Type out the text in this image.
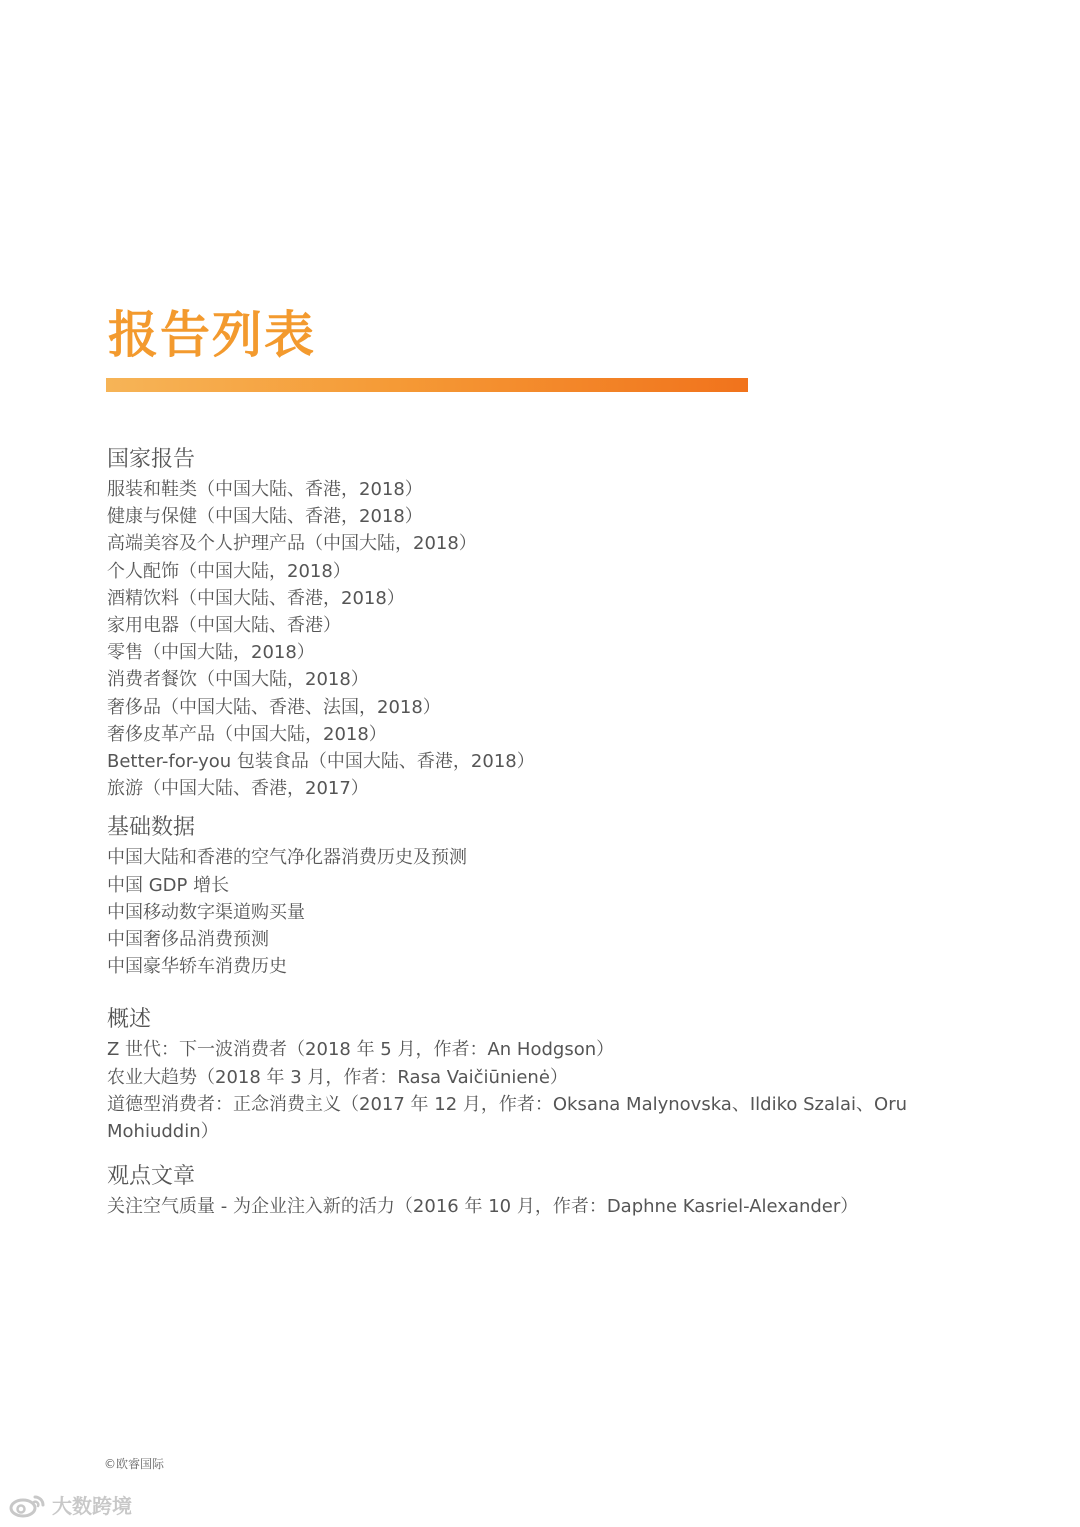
报告列表
国家报告
服装和鞋类（中国大陆、香港，2018）
健康与保健（中国大陆、香港，2018）
高端美容及个人护理产品（中国大陆，2018）
个人配饰（中国大陆，2018）
酒精饮料（中国大陆、香港，2018）
家用电器（中国大陆、香港）
零售（中国大陆，2018）
消费者餐饮（中国大陆，2018）
奢侈品（中国大陆、香港、法国，2018）
奢侈皮革产品（中国大陆，2018）
Better-for-you 包装食品（中国大陆、香港，2018）
旅游（中国大陆、香港，2017）
基础数据
中国大陆和香港的空气净化器消费历史及预测
中国 GDP 增长
中国移动数字渠道购买量
中国奢侈品消费预测
中国豪华轿车消费历史
概述
Z 世代：下一波消费者（2018 年 5 月，作者：An Hodgson）
农业大趋势（2018 年 3 月，作者：Rasa Vaičiūnienė）
道德型消费者：正念消费主义（2017 年 12 月，作者：Oksana Malynovska、Ildiko Szalai、Oru Mohiuddin）
观点文章
关注空气质量 - 为企业注入新的活力（2016 年 10 月，作者：Daphne Kasriel-Alexander）
©欧睿国际
大数跨境
